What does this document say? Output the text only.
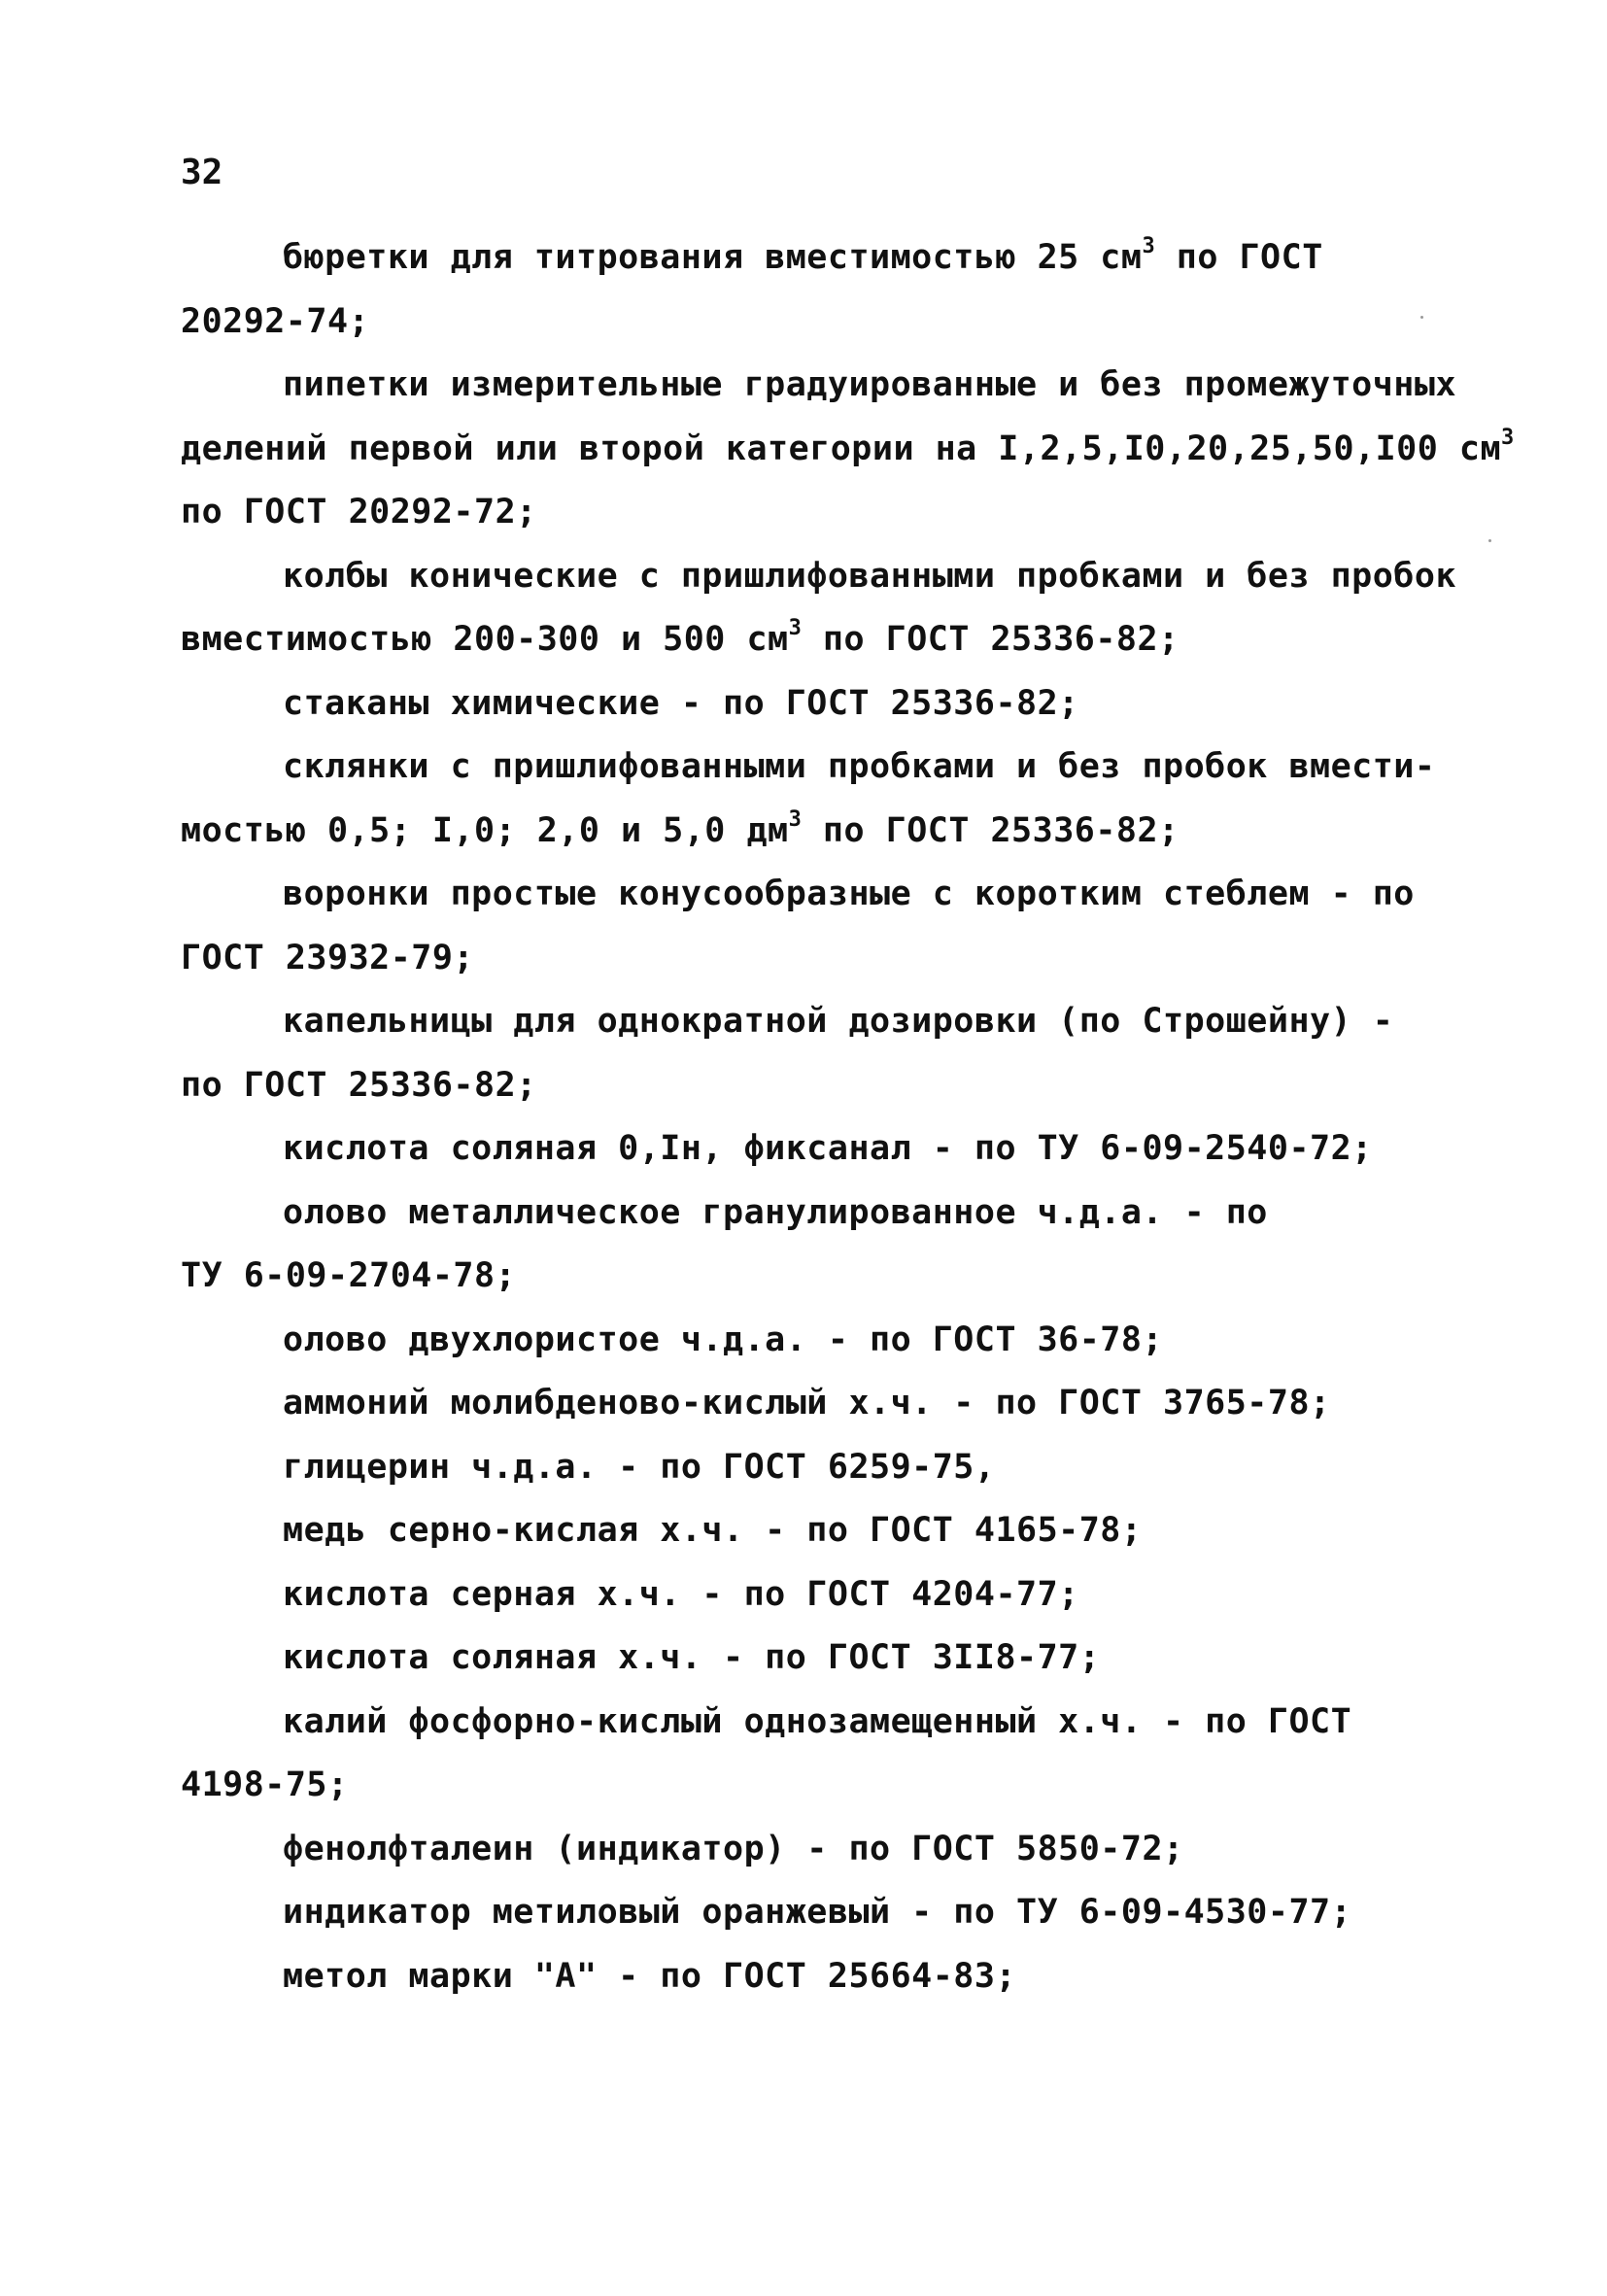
32
бюретки для титрования вместимостью 25 $см^3$ по ГОСТ
20292-74;
пипетки измерительные градуированные и без промежуточных
делений первой или второй категории на I,2,5,I0,20,25,50,I00 $см^3$
по ГОСТ 20292-72;
колбы конические с пришлифованными пробками и без пробок
вместимостью 200-300 и 500 $см^3$ по ГОСТ 25336-82;
стаканы химические - по ГОСТ 25336-82;
склянки с пришлифованными пробками и без пробок вмести-
мостью 0,5; I,0; 2,0 и 5,0 $дм^3$ по ГОСТ 25336-82;
воронки простые конусообразные с коротким стеблем - по
ГОСТ 23932-79;
капельницы для однократной дозировки (по Строшейну) -
по ГОСТ 25336-82;
кислота соляная 0,Iн, фиксанал - по ТУ 6-09-2540-72;
олово металлическое гранулированное ч.д.а. - по
ТУ 6-09-2704-78;
олово двухлористое ч.д.а. - по ГОСТ 36-78;
аммоний молибденово-кислый х.ч. - по ГОСТ 3765-78;
глицерин ч.д.а. - по ГОСТ 6259-75,
медь серно-кислая х.ч. - по ГОСТ 4165-78;
кислота серная х.ч. - по ГОСТ 4204-77;
кислота соляная х.ч. - по ГОСТ 3II8-77;
калий фосфорно-кислый однозамещенный х.ч. - по ГОСТ
4198-75;
фенолфталеин (индикатор) - по ГОСТ 5850-72;
индикатор метиловый оранжевый - по ТУ 6-09-4530-77;
метол марки "А" - по ГОСТ 25664-83;
